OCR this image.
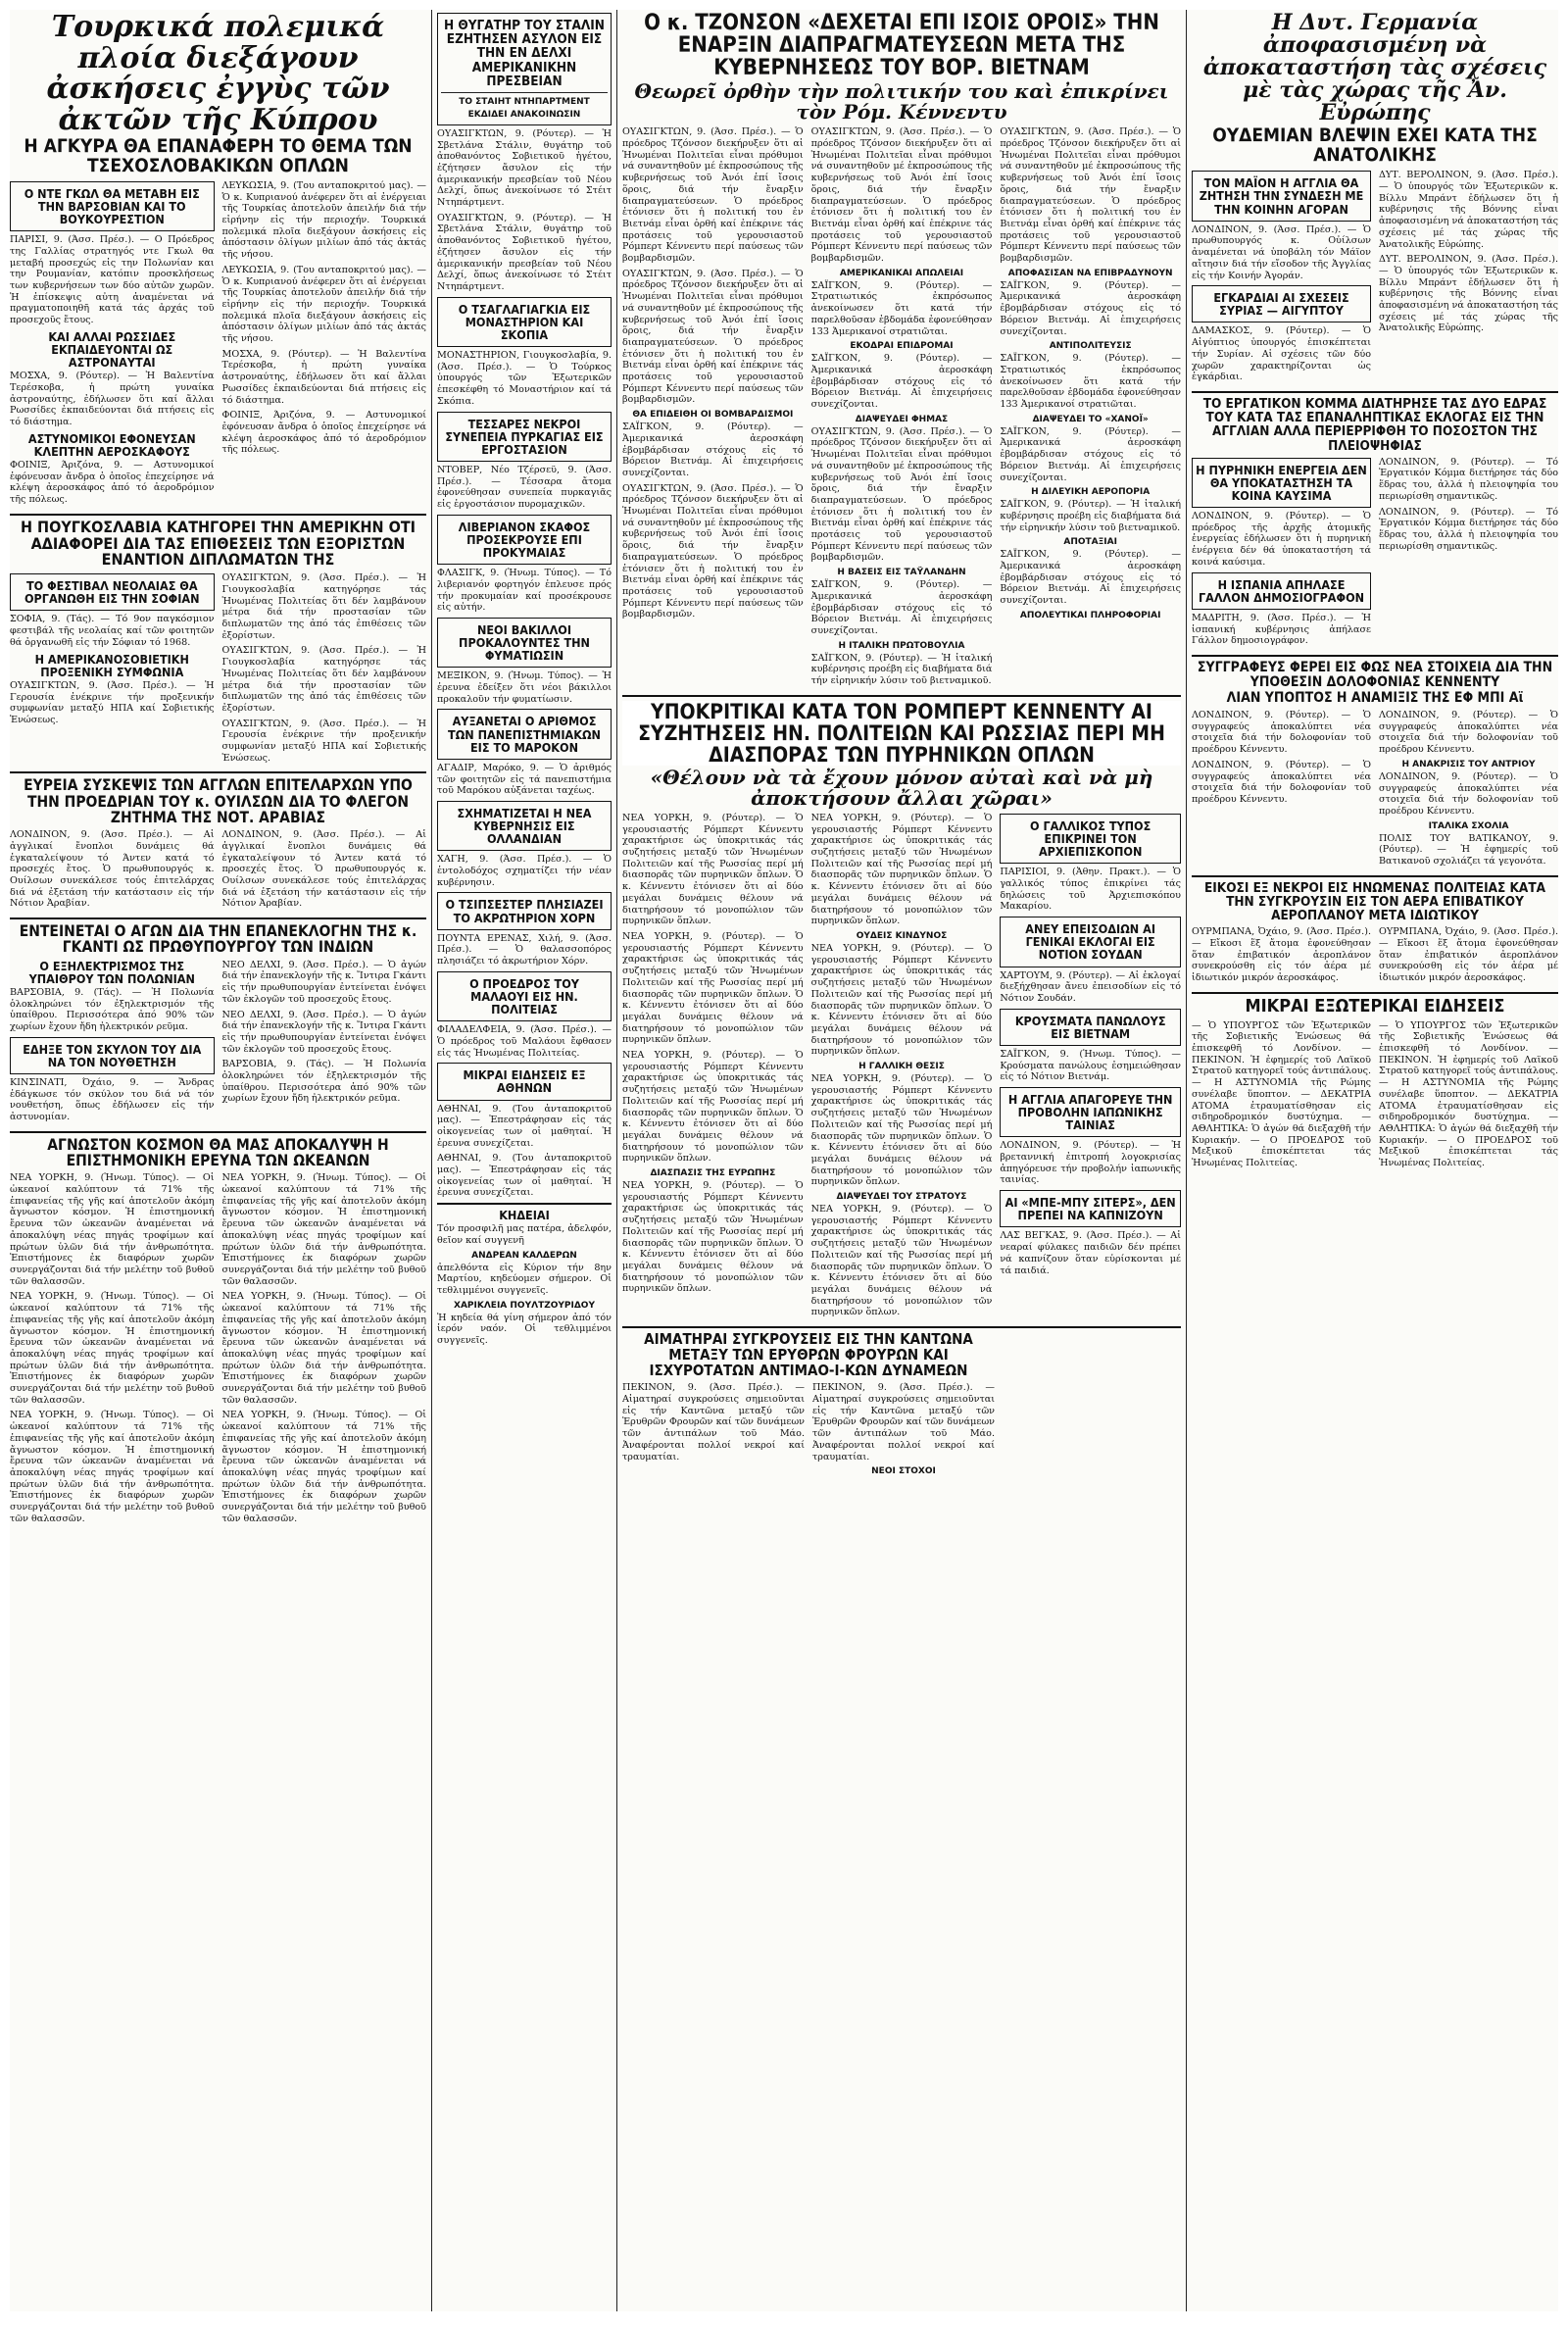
Τουρκικά πολεμικά πλοία διεξάγουν ἀσκήσεις ἐγγὺς τῶν ἀκτῶν τῆς Κύπρου
Η ΑΓΚΥΡΑ ΘΑ ΕΠΑΝΑΦΕΡΗ ΤΟ ΘΕΜΑ ΤΩΝ ΤΣΕΧΟΣΛΟΒΑΚΙΚΩΝ ΟΠΛΩΝ
Ο ΝΤΕ ΓΚΩΛ ΘΑ ΜΕΤΑΒΗ ΕΙΣ ΤΗΝ ΒΑΡΣΟΒΙΑΝ ΚΑΙ ΤΟ ΒΟΥΚΟΥΡΕΣΤΙΟΝ

ΠΑΡΙΣΙ, 9. (Άσσ. Πρέσ.). — Ο Πρόεδρος της Γαλλίας στρατηγός ντε Γκωλ θα μεταβή προσεχώς εἰς την Πολωνίαν και την Ρουμανίαν, κατόπιν προσκλήσεως των κυβερνήσεων των δύο αὐτῶν χωρῶν. Ἡ ἐπίσκεψις αὐτη ἀναμένεται νά πραγματοποιηθῆ κατά τάς ἀρχάς τοῦ προσεχοῦς ἔτους.

ΚΑΙ ΑΛΛΑΙ ΡΩΣΣΙΔΕΣ ΕΚΠΑΙΔΕΥΟΝΤΑΙ ΩΣ ΑΣΤΡΟΝΑΥΤΑΙ

ΜΟΣΧΑ, 9. (Ρόυτερ). — Ἡ Βαλεντίνα Τερέσκοβα, ἡ πρώτη γυναίκα ἀστροναύτης, ἐδήλωσεν ὅτι καί ἄλλαι Ρωσσίδες ἐκπαιδεύονται διά πτήσεις εἰς τό διάστημα.

ΑΣΤΥΝΟΜΙΚΟΙ ΕΦΟΝΕΥΣΑΝ ΚΛΕΠΤΗΝ ΑΕΡΟΣΚΑΦΟΥΣ

ΦΟΙΝΙΞ, Άριζόνα, 9. — Αστυνομικοί ἐφόνευσαν ἄνδρα ὁ ὁποῖος ἐπεχείρησε νά κλέψη ἀεροσκάφος ἀπό τό ἀεροδρόμιον τῆς πόλεως.

ΛΕΥΚΩΣΙΑ, 9. (Του ανταποκριτού μας). — Ὁ κ. Κυπριανού ἀνέφερεν ὅτι αἱ ἐνέργειαι τῆς Τουρκίας ἀποτελοῦν ἀπειλήν διά τήν εἰρήνην εἰς τήν περιοχήν. Τουρκικά πολεμικά πλοῖα διεξάγουν ἀσκήσεις εἰς ἀπόστασιν ὀλίγων μιλίων ἀπό τάς ἀκτάς τῆς νήσου.

ΛΕΥΚΩΣΙΑ, 9. (Του ανταποκριτού μας). — Ὁ κ. Κυπριανού ἀνέφερεν ὅτι αἱ ἐνέργειαι τῆς Τουρκίας ἀποτελοῦν ἀπειλήν διά τήν εἰρήνην εἰς τήν περιοχήν. Τουρκικά πολεμικά πλοῖα διεξάγουν ἀσκήσεις εἰς ἀπόστασιν ὀλίγων μιλίων ἀπό τάς ἀκτάς τῆς νήσου.

ΜΟΣΧΑ, 9. (Ρόυτερ). — Ἡ Βαλεντίνα Τερέσκοβα, ἡ πρώτη γυναίκα ἀστροναύτης, ἐδήλωσεν ὅτι καί ἄλλαι Ρωσσίδες ἐκπαιδεύονται διά πτήσεις εἰς τό διάστημα.

ΦΟΙΝΙΞ, Άριζόνα, 9. — Αστυνομικοί ἐφόνευσαν ἄνδρα ὁ ὁποῖος ἐπεχείρησε νά κλέψη ἀεροσκάφος ἀπό τό ἀεροδρόμιον τῆς πόλεως.

Η ΠΟΥΓΚΟΣΛΑΒΙΑ ΚΑΤΗΓΟΡΕΙ ΤΗΝ ΑΜΕΡΙΚΗΝ ΟΤΙ ΑΔΙΑΦΟΡΕΙ ΔΙΑ ΤΑΣ ΕΠΙΘΕΣΕΙΣ ΤΩΝ ΕΞΟΡΙΣΤΩΝ ΕΝΑΝΤΙΟΝ ΔΙΠΛΩΜΑΤΩΝ ΤΗΣ
ΤΟ ΦΕΣΤΙΒΑΛ ΝΕΟΛΑΙΑΣ ΘΑ ΟΡΓΑΝΩΘΗ ΕΙΣ ΤΗΝ ΣΟΦΙΑΝ

ΣΟΦΙΑ, 9. (Τάς). — Τό 9ον παγκόσμιον φεστιβάλ τῆς νεολαίας καί τῶν φοιτητῶν θά ὀργανωθῆ εἰς τήν Σόφιαν τό 1968.

Η ΑΜΕΡΙΚΑΝΟΣΟΒΙΕΤΙΚΗ ΠΡΟΞΕΝΙΚΗ ΣΥΜΦΩΝΙΑ

ΟΥΑΣΙΓΚΤΩΝ, 9. (Άσσ. Πρέσ.). — Ἡ Γερουσία ἐνέκρινε τήν προξενικήν συμφωνίαν μεταξύ ΗΠΑ καί Σοβιετικής Ἑνώσεως.

ΟΥΑΣΙΓΚΤΩΝ, 9. (Άσσ. Πρέσ.). — Ἡ Γιουγκοσλαβία κατηγόρησε τάς Ἡνωμένας Πολιτείας ὅτι δέν λαμβάνουν μέτρα διά τήν προστασίαν τῶν διπλωματῶν της ἀπό τάς ἐπιθέσεις τῶν ἐξορίστων.

ΟΥΑΣΙΓΚΤΩΝ, 9. (Άσσ. Πρέσ.). — Ἡ Γιουγκοσλαβία κατηγόρησε τάς Ἡνωμένας Πολιτείας ὅτι δέν λαμβάνουν μέτρα διά τήν προστασίαν τῶν διπλωματῶν της ἀπό τάς ἐπιθέσεις τῶν ἐξορίστων.

ΟΥΑΣΙΓΚΤΩΝ, 9. (Άσσ. Πρέσ.). — Ἡ Γερουσία ἐνέκρινε τήν προξενικήν συμφωνίαν μεταξύ ΗΠΑ καί Σοβιετικής Ἑνώσεως.

ΕΥΡΕΙΑ ΣΥΣΚΕΨΙΣ ΤΩΝ ΑΓΓΛΩΝ ΕΠΙΤΕΛΑΡΧΩΝ ΥΠΟ ΤΗΝ ΠΡΟΕΔΡΙΑΝ ΤΟΥ κ. ΟΥΙΛΣΩΝ ΔΙΑ ΤΟ ΦΛΕΓΟΝ ΖΗΤΗΜΑ ΤΗΣ ΝΟΤ. ΑΡΑΒΙΑΣ

ΛΟΝΔΙΝΟΝ, 9. (Άσσ. Πρέσ.). — Αἱ ἀγγλικαί ἔνοπλοι δυνάμεις θά ἐγκαταλείψουν τό Άντεν κατά τό προσεχές ἔτος. Ὁ πρωθυπουργός κ. Ουίλσων συνεκάλεσε τούς ἐπιτελάρχας διά νά ἐξετάση τήν κατάστασιν εἰς τήν Νότιον Ἀραβίαν.

ΛΟΝΔΙΝΟΝ, 9. (Άσσ. Πρέσ.). — Αἱ ἀγγλικαί ἔνοπλοι δυνάμεις θά ἐγκαταλείψουν τό Άντεν κατά τό προσεχές ἔτος. Ὁ πρωθυπουργός κ. Ουίλσων συνεκάλεσε τούς ἐπιτελάρχας διά νά ἐξετάση τήν κατάστασιν εἰς τήν Νότιον Ἀραβίαν.

ΕΝΤΕΙΝΕΤΑΙ Ο ΑΓΩΝ ΔΙΑ ΤΗΝ ΕΠΑΝΕΚΛΟΓΗΝ ΤΗΣ κ. ΓΚΑΝΤΙ ΩΣ ΠΡΩΘΥΠΟΥΡΓΟΥ ΤΩΝ ΙΝΔΙΩΝ
Ο ΕΞΗΛΕΚΤΡΙΣΜΟΣ ΤΗΣ ΥΠΑΙΘΡΟΥ ΤΩΝ ΠΟΛΩΝΙΑΝ

ΒΑΡΣΟΒΙΑ, 9. (Τάς). — Ἡ Πολωνία ὁλοκληρώνει τόν ἐξηλεκτρισμόν τῆς ὑπαίθρου. Περισσότερα ἀπό 90% τῶν χωρίων ἔχουν ἤδη ἠλεκτρικόν ρεῦμα.

ΕΔΗΞΕ ΤΟΝ ΣΚΥΛΟΝ ΤΟΥ ΔΙΑ ΝΑ ΤΟΝ ΝΟΥΘΕΤΗΣΗ

ΚΙΝΣΙΝΑΤΙ, Όχάιο, 9. — Ἄνδρας ἐδάγκωσε τόν σκύλον του διά νά τόν νουθετήση, ὅπως ἐδήλωσεν εἰς τήν ἀστυνομίαν.

ΝΕΟ ΔΕΛΧΙ, 9. (Άσσ. Πρέσ.). — Ὁ ἀγών διά τήν ἐπανεκλογήν τῆς κ. Ἴντιρα Γκάντι εἰς τήν πρωθυπουργίαν ἐντείνεται ἐνόψει τῶν ἐκλογῶν τοῦ προσεχοῦς ἔτους.

ΝΕΟ ΔΕΛΧΙ, 9. (Άσσ. Πρέσ.). — Ὁ ἀγών διά τήν ἐπανεκλογήν τῆς κ. Ἴντιρα Γκάντι εἰς τήν πρωθυπουργίαν ἐντείνεται ἐνόψει τῶν ἐκλογῶν τοῦ προσεχοῦς ἔτους.

ΒΑΡΣΟΒΙΑ, 9. (Τάς). — Ἡ Πολωνία ὁλοκληρώνει τόν ἐξηλεκτρισμόν τῆς ὑπαίθρου. Περισσότερα ἀπό 90% τῶν χωρίων ἔχουν ἤδη ἠλεκτρικόν ρεῦμα.

ΑΓΝΩΣΤΟΝ ΚΟΣΜΟΝ ΘΑ ΜΑΣ ΑΠΟΚΑΛΥΨΗ Η ΕΠΙΣΤΗΜΟΝΙΚΗ ΕΡΕΥΝΑ ΤΩΝ ΩΚΕΑΝΩΝ

ΝΕΑ ΥΟΡΚΗ, 9. (Ἡνωμ. Τύπος). — Οἱ ὠκεανοί καλύπτουν τά 71% τῆς ἐπιφανείας τῆς γῆς καί ἀποτελοῦν ἀκόμη ἄγνωστον κόσμον. Ἡ ἐπιστημονική ἔρευνα τῶν ὠκεανῶν ἀναμένεται νά ἀποκαλύψη νέας πηγάς τροφίμων καί πρώτων ὑλῶν διά τήν ἀνθρωπότητα. Ἐπιστήμονες ἐκ διαφόρων χωρῶν συνεργάζονται διά τήν μελέτην τοῦ βυθοῦ τῶν θαλασσῶν.

ΝΕΑ ΥΟΡΚΗ, 9. (Ἡνωμ. Τύπος). — Οἱ ὠκεανοί καλύπτουν τά 71% τῆς ἐπιφανείας τῆς γῆς καί ἀποτελοῦν ἀκόμη ἄγνωστον κόσμον. Ἡ ἐπιστημονική ἔρευνα τῶν ὠκεανῶν ἀναμένεται νά ἀποκαλύψη νέας πηγάς τροφίμων καί πρώτων ὑλῶν διά τήν ἀνθρωπότητα. Ἐπιστήμονες ἐκ διαφόρων χωρῶν συνεργάζονται διά τήν μελέτην τοῦ βυθοῦ τῶν θαλασσῶν.

ΝΕΑ ΥΟΡΚΗ, 9. (Ἡνωμ. Τύπος). — Οἱ ὠκεανοί καλύπτουν τά 71% τῆς ἐπιφανείας τῆς γῆς καί ἀποτελοῦν ἀκόμη ἄγνωστον κόσμον. Ἡ ἐπιστημονική ἔρευνα τῶν ὠκεανῶν ἀναμένεται νά ἀποκαλύψη νέας πηγάς τροφίμων καί πρώτων ὑλῶν διά τήν ἀνθρωπότητα. Ἐπιστήμονες ἐκ διαφόρων χωρῶν συνεργάζονται διά τήν μελέτην τοῦ βυθοῦ τῶν θαλασσῶν.

ΝΕΑ ΥΟΡΚΗ, 9. (Ἡνωμ. Τύπος). — Οἱ ὠκεανοί καλύπτουν τά 71% τῆς ἐπιφανείας τῆς γῆς καί ἀποτελοῦν ἀκόμη ἄγνωστον κόσμον. Ἡ ἐπιστημονική ἔρευνα τῶν ὠκεανῶν ἀναμένεται νά ἀποκαλύψη νέας πηγάς τροφίμων καί πρώτων ὑλῶν διά τήν ἀνθρωπότητα. Ἐπιστήμονες ἐκ διαφόρων χωρῶν συνεργάζονται διά τήν μελέτην τοῦ βυθοῦ τῶν θαλασσῶν.

ΝΕΑ ΥΟΡΚΗ, 9. (Ἡνωμ. Τύπος). — Οἱ ὠκεανοί καλύπτουν τά 71% τῆς ἐπιφανείας τῆς γῆς καί ἀποτελοῦν ἀκόμη ἄγνωστον κόσμον. Ἡ ἐπιστημονική ἔρευνα τῶν ὠκεανῶν ἀναμένεται νά ἀποκαλύψη νέας πηγάς τροφίμων καί πρώτων ὑλῶν διά τήν ἀνθρωπότητα. Ἐπιστήμονες ἐκ διαφόρων χωρῶν συνεργάζονται διά τήν μελέτην τοῦ βυθοῦ τῶν θαλασσῶν.

ΝΕΑ ΥΟΡΚΗ, 9. (Ἡνωμ. Τύπος). — Οἱ ὠκεανοί καλύπτουν τά 71% τῆς ἐπιφανείας τῆς γῆς καί ἀποτελοῦν ἀκόμη ἄγνωστον κόσμον. Ἡ ἐπιστημονική ἔρευνα τῶν ὠκεανῶν ἀναμένεται νά ἀποκαλύψη νέας πηγάς τροφίμων καί πρώτων ὑλῶν διά τήν ἀνθρωπότητα. Ἐπιστήμονες ἐκ διαφόρων χωρῶν συνεργάζονται διά τήν μελέτην τοῦ βυθοῦ τῶν θαλασσῶν.

Η ΘΥΓΑΤΗΡ ΤΟΥ ΣΤΑΛΙΝ ΕΖΗΤΗΣΕΝ ΑΣΥΛΟΝ ΕΙΣ ΤΗΝ ΕΝ ΔΕΛΧΙ ΑΜΕΡΙΚΑΝΙΚΗΝ ΠΡΕΣΒΕΙΑΝ
ΤΟ ΣΤΑΙΗΤ ΝΤΗΠΑΡΤΜΕΝΤ
ΕΚΔΙΔΕΙ ΑΝΑΚΟΙΝΩΣΙΝ

ΟΥΑΣΙΓΚΤΩΝ, 9. (Ρόυτερ). — Ἡ Σβετλάνα Στάλιν, θυγάτηρ τοῦ ἀποθανόντος Σοβιετικοῦ ἡγέτου, ἐζήτησεν ἄσυλον εἰς τήν ἀμερικανικήν πρεσβείαν τοῦ Νέου Δελχί, ὅπως ἀνεκοίνωσε τό Στέιτ Ντηπάρτμεντ.

ΟΥΑΣΙΓΚΤΩΝ, 9. (Ρόυτερ). — Ἡ Σβετλάνα Στάλιν, θυγάτηρ τοῦ ἀποθανόντος Σοβιετικοῦ ἡγέτου, ἐζήτησεν ἄσυλον εἰς τήν ἀμερικανικήν πρεσβείαν τοῦ Νέου Δελχί, ὅπως ἀνεκοίνωσε τό Στέιτ Ντηπάρτμεντ.

Ο ΤΣΑΓΛΑΓΙΑΓΚΙΑ ΕΙΣ ΜΟΝΑΣΤΗΡΙΟΝ ΚΑΙ ΣΚΟΠΙΑ

ΜΟΝΑΣΤΗΡΙΟΝ, Γιουγκοσλαβία, 9. (Άσσ. Πρέσ.). — Ὁ Τούρκος ὑπουργός τῶν Ἐξωτερικῶν ἐπεσκέφθη τό Μοναστήριον καί τά Σκόπια.

ΤΕΣΣΑΡΕΣ ΝΕΚΡΟΙ ΣΥΝΕΠΕΙΑ ΠΥΡΚΑΓΙΑΣ ΕΙΣ ΕΡΓΟΣΤΑΣΙΟΝ

ΝΤΟΒΕΡ, Νέο Τζέρσεϋ, 9. (Άσσ. Πρέσ.). — Τέσσαρα ἄτομα ἐφονεύθησαν συνεπεία πυρκαγιᾶς εἰς ἐργοστάσιον πυρομαχικῶν.

ΛΙΒΕΡΙΑΝΟΝ ΣΚΑΦΟΣ ΠΡΟΣΕΚΡΟΥΣΕ ΕΠΙ ΠΡΟΚΥΜΑΙΑΣ

ΦΛΑΣΙΓΚ, 9. (Ἡνωμ. Τύπος). — Τό λιβεριανόν φορτηγόν ἐπλευσε πρός τήν προκυμαίαν καί προσέκρουσε εἰς αὐτήν.

ΝΕΟΙ ΒΑΚΙΛΛΟΙ ΠΡΟΚΑΛΟΥΝΤΕΣ ΤΗΝ ΦΥΜΑΤΙΩΣΙΝ

ΜΕΞΙΚΟΝ, 9. (Ἡνωμ. Τύπος). — Ἡ ἐρευνα ἐδείξεν ὅτι νέοι βάκιλλοι προκαλοῦν τήν φυματίωσιν.

ΑΥΞΑΝΕΤΑΙ Ο ΑΡΙΘΜΟΣ ΤΩΝ ΠΑΝΕΠΙΣΤΗΜΙΑΚΩΝ ΕΙΣ ΤΟ ΜΑΡΟΚΟΝ

ΑΓΑΔΙΡ, Μαρόκο, 9. — Ὁ ἀριθμός τῶν φοιτητῶν εἰς τά πανεπιστήμια τοῦ Μαρόκου αὐξάνεται ταχέως.

ΣΧΗΜΑΤΙΖΕΤΑΙ Η ΝΕΑ ΚΥΒΕΡΝΗΣΙΣ ΕΙΣ ΟΛΛΑΝΔΙΑΝ

ΧΑΓΗ, 9. (Άσσ. Πρέσ.). — Ὁ ἐντολοδόχος σχηματίζει τήν νέαν κυβέρνησιν.

Ο ΤΣΙΠΣΕΣΤΕΡ ΠΛΗΣΙΑΖΕΙ ΤΟ ΑΚΡΩΤΗΡΙΟΝ ΧΟΡΝ

ΠΟΥΝΤΑ ΕΡΕΝΑΣ, Χιλή, 9. (Άσσ. Πρέσ.). — Ὁ θαλασσοπόρος πλησιάζει τό ἀκρωτήριον Χόρν.

Ο ΠΡΟΕΔΡΟΣ ΤΟΥ ΜΑΛΑΟΥΙ ΕΙΣ ΗΝ. ΠΟΛΙΤΕΙΑΣ

ΦΙΛΑΔΕΛΦΕΙΑ, 9. (Άσσ. Πρέσ.). — Ὁ πρόεδρος τοῦ Μαλάουι ἔφθασεν εἰς τάς Ἡνωμένας Πολιτείας.

ΜΙΚΡΑΙ ΕΙΔΗΣΕΙΣ ΕΞ ΑΘΗΝΩΝ

ΑΘΗΝΑΙ, 9. (Του ἀνταποκριτοῦ μας). — Ἐπεστράφησαν εἰς τάς οἰκογενείας των οἱ μαθηταί. Ἡ ἐρευνα συνεχίζεται.

ΑΘΗΝΑΙ, 9. (Του ἀνταποκριτοῦ μας). — Ἐπεστράφησαν εἰς τάς οἰκογενείας των οἱ μαθηταί. Ἡ ἐρευνα συνεχίζεται.

ΚΗΔΕΙΑΙ

Τόν προσφιλῆ μας πατέρα, ἀδελφόν, θεῖον καί συγγενῆ

ΑΝΔΡΕΑΝ ΚΑΛΔΕΡΩΝ

ἀπελθόντα εἰς Κύριον τήν 8ην Μαρτίου, κηδεύομεν σήμερον. Οἱ τεθλιμμένοι συγγενεῖς.

ΧΑΡΙΚΛΕΙΑ ΠΟΥΛΤΖΟΥΡΙΔΟΥ

Ἡ κηδεία θά γίνη σήμερον ἀπό τόν ἱερόν ναόν. Οἱ τεθλιμμένοι συγγενεῖς.

Ο κ. ΤΖΟΝΣΟΝ «ΔΕΧΕΤΑΙ ΕΠΙ ΙΣΟΙΣ ΟΡΟΙΣ» ΤΗΝ ΕΝΑΡΞΙΝ ΔΙΑΠΡΑΓΜΑΤΕΥΣΕΩΝ ΜΕΤΑ ΤΗΣ ΚΥΒΕΡΝΗΣΕΩΣ ΤΟΥ ΒΟΡ. ΒΙΕΤΝΑΜ
Θεωρεῖ ὀρθὴν τὴν πολιτικήν του καὶ ἐπικρίνει τὸν Ρόμ. Κέννεντυ

ΟΥΑΣΙΓΚΤΩΝ, 9. (Άσσ. Πρέσ.). — Ὁ πρόεδρος Τζόνσον διεκήρυξεν ὅτι αἱ Ἡνωμέναι Πολιτεῖαι εἶναι πρόθυμοι νά συναντηθοῦν μέ ἐκπροσώπους τῆς κυβερνήσεως τοῦ Ἀνόι ἐπί ἴσοις ὅροις, διά τήν ἔναρξιν διαπραγματεύσεων. Ὁ πρόεδρος ἐτόνισεν ὅτι ἡ πολιτική του ἐν Βιετνάμ εἶναι ὀρθή καί ἐπέκρινε τάς προτάσεις τοῦ γερουσιαστοῦ Ρόμπερτ Κέννεντυ περί παύσεως τῶν βομβαρδισμῶν.

ΟΥΑΣΙΓΚΤΩΝ, 9. (Άσσ. Πρέσ.). — Ὁ πρόεδρος Τζόνσον διεκήρυξεν ὅτι αἱ Ἡνωμέναι Πολιτεῖαι εἶναι πρόθυμοι νά συναντηθοῦν μέ ἐκπροσώπους τῆς κυβερνήσεως τοῦ Ἀνόι ἐπί ἴσοις ὅροις, διά τήν ἔναρξιν διαπραγματεύσεων. Ὁ πρόεδρος ἐτόνισεν ὅτι ἡ πολιτική του ἐν Βιετνάμ εἶναι ὀρθή καί ἐπέκρινε τάς προτάσεις τοῦ γερουσιαστοῦ Ρόμπερτ Κέννεντυ περί παύσεως τῶν βομβαρδισμῶν.

ΘΑ ΕΠΙΔΕΙΘΗ ΟΙ ΒΟΜΒΑΡΔΙΣΜΟΙ

ΣΑΪΓΚΟΝ, 9. (Ρόυτερ). — Ἀμερικανικά ἀεροσκάφη ἐβομβάρδισαν στόχους εἰς τό Βόρειον Βιετνάμ. Αἱ ἐπιχειρήσεις συνεχίζονται.

ΟΥΑΣΙΓΚΤΩΝ, 9. (Άσσ. Πρέσ.). — Ὁ πρόεδρος Τζόνσον διεκήρυξεν ὅτι αἱ Ἡνωμέναι Πολιτεῖαι εἶναι πρόθυμοι νά συναντηθοῦν μέ ἐκπροσώπους τῆς κυβερνήσεως τοῦ Ἀνόι ἐπί ἴσοις ὅροις, διά τήν ἔναρξιν διαπραγματεύσεων. Ὁ πρόεδρος ἐτόνισεν ὅτι ἡ πολιτική του ἐν Βιετνάμ εἶναι ὀρθή καί ἐπέκρινε τάς προτάσεις τοῦ γερουσιαστοῦ Ρόμπερτ Κέννεντυ περί παύσεως τῶν βομβαρδισμῶν.

ΟΥΑΣΙΓΚΤΩΝ, 9. (Άσσ. Πρέσ.). — Ὁ πρόεδρος Τζόνσον διεκήρυξεν ὅτι αἱ Ἡνωμέναι Πολιτεῖαι εἶναι πρόθυμοι νά συναντηθοῦν μέ ἐκπροσώπους τῆς κυβερνήσεως τοῦ Ἀνόι ἐπί ἴσοις ὅροις, διά τήν ἔναρξιν διαπραγματεύσεων. Ὁ πρόεδρος ἐτόνισεν ὅτι ἡ πολιτική του ἐν Βιετνάμ εἶναι ὀρθή καί ἐπέκρινε τάς προτάσεις τοῦ γερουσιαστοῦ Ρόμπερτ Κέννεντυ περί παύσεως τῶν βομβαρδισμῶν.

ΑΜΕΡΙΚΑΝΙΚΑΙ ΑΠΩΛΕΙΑΙ

ΣΑΪΓΚΟΝ, 9. (Ρόυτερ). — Στρατιωτικός ἐκπρόσωπος ἀνεκοίνωσεν ὅτι κατά τήν παρελθοῦσαν ἑβδομάδα ἐφονεύθησαν 133 Ἀμερικανοί στρατιῶται.

ΕΚΟΔΡΑΙ ΕΠΙΔΡΟΜΑΙ

ΣΑΪΓΚΟΝ, 9. (Ρόυτερ). — Ἀμερικανικά ἀεροσκάφη ἐβομβάρδισαν στόχους εἰς τό Βόρειον Βιετνάμ. Αἱ ἐπιχειρήσεις συνεχίζονται.

ΔΙΑΨΕΥΔΕΙ ΦΗΜΑΣ

ΟΥΑΣΙΓΚΤΩΝ, 9. (Άσσ. Πρέσ.). — Ὁ πρόεδρος Τζόνσον διεκήρυξεν ὅτι αἱ Ἡνωμέναι Πολιτεῖαι εἶναι πρόθυμοι νά συναντηθοῦν μέ ἐκπροσώπους τῆς κυβερνήσεως τοῦ Ἀνόι ἐπί ἴσοις ὅροις, διά τήν ἔναρξιν διαπραγματεύσεων. Ὁ πρόεδρος ἐτόνισεν ὅτι ἡ πολιτική του ἐν Βιετνάμ εἶναι ὀρθή καί ἐπέκρινε τάς προτάσεις τοῦ γερουσιαστοῦ Ρόμπερτ Κέννεντυ περί παύσεως τῶν βομβαρδισμῶν.

Η ΒΑΣΕΙΣ ΕΙΣ ΤΑΫΛΑΝΔΗΝ

ΣΑΪΓΚΟΝ, 9. (Ρόυτερ). — Ἀμερικανικά ἀεροσκάφη ἐβομβάρδισαν στόχους εἰς τό Βόρειον Βιετνάμ. Αἱ ἐπιχειρήσεις συνεχίζονται.

Η ΙΤΑΛΙΚΗ ΠΡΩΤΟΒΟΥΛΙΑ

ΣΑΪΓΚΟΝ, 9. (Ρόυτερ). — Ἡ ἰταλική κυβέρνησις προέβη εἰς διαβήματα διά τήν εἰρηνικήν λύσιν τοῦ βιετναμικοῦ.

ΟΥΑΣΙΓΚΤΩΝ, 9. (Άσσ. Πρέσ.). — Ὁ πρόεδρος Τζόνσον διεκήρυξεν ὅτι αἱ Ἡνωμέναι Πολιτεῖαι εἶναι πρόθυμοι νά συναντηθοῦν μέ ἐκπροσώπους τῆς κυβερνήσεως τοῦ Ἀνόι ἐπί ἴσοις ὅροις, διά τήν ἔναρξιν διαπραγματεύσεων. Ὁ πρόεδρος ἐτόνισεν ὅτι ἡ πολιτική του ἐν Βιετνάμ εἶναι ὀρθή καί ἐπέκρινε τάς προτάσεις τοῦ γερουσιαστοῦ Ρόμπερτ Κέννεντυ περί παύσεως τῶν βομβαρδισμῶν.

ΑΠΟΦΑΣΙΣΑΝ ΝΑ ΕΠΙΒΡΑΔΥΝΟΥΝ

ΣΑΪΓΚΟΝ, 9. (Ρόυτερ). — Ἀμερικανικά ἀεροσκάφη ἐβομβάρδισαν στόχους εἰς τό Βόρειον Βιετνάμ. Αἱ ἐπιχειρήσεις συνεχίζονται.

ΑΝΤΙΠΟΛΙΤΕΥΣΙΣ

ΣΑΪΓΚΟΝ, 9. (Ρόυτερ). — Στρατιωτικός ἐκπρόσωπος ἀνεκοίνωσεν ὅτι κατά τήν παρελθοῦσαν ἑβδομάδα ἐφονεύθησαν 133 Ἀμερικανοί στρατιῶται.

ΔΙΑΨΕΥΔΕΙ ΤΟ «ΧΑΝΟΪ»

ΣΑΪΓΚΟΝ, 9. (Ρόυτερ). — Ἀμερικανικά ἀεροσκάφη ἐβομβάρδισαν στόχους εἰς τό Βόρειον Βιετνάμ. Αἱ ἐπιχειρήσεις συνεχίζονται.

Η ΔΙΛΕΥΙΚΗ ΑΕΡΟΠΟΡΙΑ

ΣΑΪΓΚΟΝ, 9. (Ρόυτερ). — Ἡ ἰταλική κυβέρνησις προέβη εἰς διαβήματα διά τήν εἰρηνικήν λύσιν τοῦ βιετναμικοῦ.

ΑΠΟΤΑΞΙΑΙ

ΣΑΪΓΚΟΝ, 9. (Ρόυτερ). — Ἀμερικανικά ἀεροσκάφη ἐβομβάρδισαν στόχους εἰς τό Βόρειον Βιετνάμ. Αἱ ἐπιχειρήσεις συνεχίζονται.

ΑΠΟΛΕΥΤΙΚΑΙ ΠΛΗΡΟΦΟΡΙΑΙ
ΥΠΟΚΡΙΤΙΚΑΙ ΚΑΤΑ ΤΟΝ ΡΟΜΠΕΡΤ ΚΕΝΝΕΝΤΥ ΑΙ ΣΥΖΗΤΗΣΕΙΣ ΗΝ. ΠΟΛΙΤΕΙΩΝ ΚΑΙ ΡΩΣΣΙΑΣ ΠΕΡΙ ΜΗ ΔΙΑΣΠΟΡΑΣ ΤΩΝ ΠΥΡΗΝΙΚΩΝ ΟΠΛΩΝ
«Θέλουν νὰ τὰ ἔχουν μόνον αὐταὶ καὶ νὰ μὴ ἀποκτήσουν ἄλλαι χῶραι»

ΝΕΑ ΥΟΡΚΗ, 9. (Ρόυτερ). — Ὁ γερουσιαστής Ρόμπερτ Κέννεντυ χαρακτήρισε ὡς ὑποκριτικάς τάς συζητήσεις μεταξύ τῶν Ἡνωμένων Πολιτειῶν καί τῆς Ρωσσίας περί μή διασπορᾶς τῶν πυρηνικῶν ὅπλων. Ὁ κ. Κέννεντυ ἐτόνισεν ὅτι αἱ δύο μεγάλαι δυνάμεις θέλουν νά διατηρήσουν τό μονοπώλιον τῶν πυρηνικῶν ὅπλων.

ΝΕΑ ΥΟΡΚΗ, 9. (Ρόυτερ). — Ὁ γερουσιαστής Ρόμπερτ Κέννεντυ χαρακτήρισε ὡς ὑποκριτικάς τάς συζητήσεις μεταξύ τῶν Ἡνωμένων Πολιτειῶν καί τῆς Ρωσσίας περί μή διασπορᾶς τῶν πυρηνικῶν ὅπλων. Ὁ κ. Κέννεντυ ἐτόνισεν ὅτι αἱ δύο μεγάλαι δυνάμεις θέλουν νά διατηρήσουν τό μονοπώλιον τῶν πυρηνικῶν ὅπλων.

ΝΕΑ ΥΟΡΚΗ, 9. (Ρόυτερ). — Ὁ γερουσιαστής Ρόμπερτ Κέννεντυ χαρακτήρισε ὡς ὑποκριτικάς τάς συζητήσεις μεταξύ τῶν Ἡνωμένων Πολιτειῶν καί τῆς Ρωσσίας περί μή διασπορᾶς τῶν πυρηνικῶν ὅπλων. Ὁ κ. Κέννεντυ ἐτόνισεν ὅτι αἱ δύο μεγάλαι δυνάμεις θέλουν νά διατηρήσουν τό μονοπώλιον τῶν πυρηνικῶν ὅπλων.

ΔΙΑΣΠΑΣΙΣ ΤΗΣ ΕΥΡΩΠΗΣ

ΝΕΑ ΥΟΡΚΗ, 9. (Ρόυτερ). — Ὁ γερουσιαστής Ρόμπερτ Κέννεντυ χαρακτήρισε ὡς ὑποκριτικάς τάς συζητήσεις μεταξύ τῶν Ἡνωμένων Πολιτειῶν καί τῆς Ρωσσίας περί μή διασπορᾶς τῶν πυρηνικῶν ὅπλων. Ὁ κ. Κέννεντυ ἐτόνισεν ὅτι αἱ δύο μεγάλαι δυνάμεις θέλουν νά διατηρήσουν τό μονοπώλιον τῶν πυρηνικῶν ὅπλων.

ΝΕΑ ΥΟΡΚΗ, 9. (Ρόυτερ). — Ὁ γερουσιαστής Ρόμπερτ Κέννεντυ χαρακτήρισε ὡς ὑποκριτικάς τάς συζητήσεις μεταξύ τῶν Ἡνωμένων Πολιτειῶν καί τῆς Ρωσσίας περί μή διασπορᾶς τῶν πυρηνικῶν ὅπλων. Ὁ κ. Κέννεντυ ἐτόνισεν ὅτι αἱ δύο μεγάλαι δυνάμεις θέλουν νά διατηρήσουν τό μονοπώλιον τῶν πυρηνικῶν ὅπλων.

ΟΥΔΕΙΣ ΚΙΝΔΥΝΟΣ

ΝΕΑ ΥΟΡΚΗ, 9. (Ρόυτερ). — Ὁ γερουσιαστής Ρόμπερτ Κέννεντυ χαρακτήρισε ὡς ὑποκριτικάς τάς συζητήσεις μεταξύ τῶν Ἡνωμένων Πολιτειῶν καί τῆς Ρωσσίας περί μή διασπορᾶς τῶν πυρηνικῶν ὅπλων. Ὁ κ. Κέννεντυ ἐτόνισεν ὅτι αἱ δύο μεγάλαι δυνάμεις θέλουν νά διατηρήσουν τό μονοπώλιον τῶν πυρηνικῶν ὅπλων.

Η ΓΑΛΛΙΚΗ ΘΕΣΙΣ

ΝΕΑ ΥΟΡΚΗ, 9. (Ρόυτερ). — Ὁ γερουσιαστής Ρόμπερτ Κέννεντυ χαρακτήρισε ὡς ὑποκριτικάς τάς συζητήσεις μεταξύ τῶν Ἡνωμένων Πολιτειῶν καί τῆς Ρωσσίας περί μή διασπορᾶς τῶν πυρηνικῶν ὅπλων. Ὁ κ. Κέννεντυ ἐτόνισεν ὅτι αἱ δύο μεγάλαι δυνάμεις θέλουν νά διατηρήσουν τό μονοπώλιον τῶν πυρηνικῶν ὅπλων.

ΔΙΑΨΕΥΔΕΙ ΤΟΥ ΣΤΡΑΤΟΥΣ

ΝΕΑ ΥΟΡΚΗ, 9. (Ρόυτερ). — Ὁ γερουσιαστής Ρόμπερτ Κέννεντυ χαρακτήρισε ὡς ὑποκριτικάς τάς συζητήσεις μεταξύ τῶν Ἡνωμένων Πολιτειῶν καί τῆς Ρωσσίας περί μή διασπορᾶς τῶν πυρηνικῶν ὅπλων. Ὁ κ. Κέννεντυ ἐτόνισεν ὅτι αἱ δύο μεγάλαι δυνάμεις θέλουν νά διατηρήσουν τό μονοπώλιον τῶν πυρηνικῶν ὅπλων.

Ο ΓΑΛΛΙΚΟΣ ΤΥΠΟΣ ΕΠΙΚΡΙΝΕΙ ΤΟΝ ΑΡΧΙΕΠΙΣΚΟΠΟΝ

ΠΑΡΙΣΙΟΙ, 9. (Ἀθην. Πρακτ.). — Ὁ γαλλικός τύπος ἐπικρίνει τάς δηλώσεις τοῦ Ἀρχιεπισκόπου Μακαρίου.

ΑΝΕΥ ΕΠΕΙΣΟΔΙΩΝ ΑΙ ΓΕΝΙΚΑΙ ΕΚΛΟΓΑΙ ΕΙΣ ΝΟΤΙΟΝ ΣΟΥΔΑΝ

ΧΑΡΤΟΥΜ, 9. (Ρόυτερ). — Αἱ ἐκλογαί διεξήχθησαν ἄνευ ἐπεισοδίων εἰς τό Νότιον Σουδάν.

ΚΡΟΥΣΜΑΤΑ ΠΑΝΩΛΟΥΣ ΕΙΣ ΒΙΕΤΝΑΜ

ΣΑΪΓΚΟΝ, 9. (Ἡνωμ. Τύπος). — Κρούσματα πανώλους ἐσημειώθησαν εἰς τό Νότιον Βιετνάμ.

Η ΑΓΓΛΙΑ ΑΠΑΓΟΡΕΥΕ ΤΗΝ ΠΡΟΒΟΛΗΝ ΙΑΠΩΝΙΚΗΣ ΤΑΙΝΙΑΣ

ΛΟΝΔΙΝΟΝ, 9. (Ρόυτερ). — Ἡ βρεταννική ἐπιτροπή λογοκρισίας ἀπηγόρευσε τήν προβολήν ἰαπωνικῆς ταινίας.

ΑΙ «ΜΠΕ-ΜΠΥ ΣΙΤΕΡΣ», ΔΕΝ ΠΡΕΠΕΙ ΝΑ ΚΑΠΝΙΖΟΥΝ

ΛΑΣ ΒΕΓΚΑΣ, 9. (Άσσ. Πρέσ.). — Αἱ νεαραί φύλακες παιδιῶν δέν πρέπει νά καπνίζουν ὅταν εὑρίσκονται μέ τά παιδιά.

ΑΙΜΑΤΗΡΑΙ ΣΥΓΚΡΟΥΣΕΙΣ ΕΙΣ ΤΗΝ ΚΑΝΤΩΝΑ ΜΕΤΑΞΥ ΤΩΝ ΕΡΥΘΡΩΝ ΦΡΟΥΡΩΝ ΚΑΙ ΙΣΧΥΡΟΤΑΤΩΝ ΑΝΤΙΜΑΟ-Ι-ΚΩΝ ΔΥΝΑΜΕΩΝ

ΠΕΚΙΝΟΝ, 9. (Άσσ. Πρέσ.). — Αἱματηραί συγκρούσεις σημειοῦνται εἰς τήν Καντῶνα μεταξύ τῶν Ἐρυθρῶν Φρουρῶν καί τῶν δυνάμεων τῶν ἀντιπάλων τοῦ Μάο. Ἀναφέρονται πολλοί νεκροί καί τραυματίαι.

ΠΕΚΙΝΟΝ, 9. (Άσσ. Πρέσ.). — Αἱματηραί συγκρούσεις σημειοῦνται εἰς τήν Καντῶνα μεταξύ τῶν Ἐρυθρῶν Φρουρῶν καί τῶν δυνάμεων τῶν ἀντιπάλων τοῦ Μάο. Ἀναφέρονται πολλοί νεκροί καί τραυματίαι.

ΝΕΟΙ ΣΤΟΧΟΙ
Η Δυτ. Γερμανία ἀποφασισμένη νὰ ἀποκαταστήση τὰς σχέσεις μὲ τὰς χώρας τῆς Ἀν. Εὐρώπης
ΟΥΔΕΜΙΑΝ ΒΛΕΨΙΝ ΕΧΕΙ ΚΑΤΑ ΤΗΣ ΑΝΑΤΟΛΙΚΗΣ
ΤΟΝ ΜΑΪΟΝ Η ΑΓΓΛΙΑ ΘΑ ΖΗΤΗΣΗ ΤΗΝ ΣΥΝΔΕΣΗ ΜΕ ΤΗΝ ΚΟΙΝΗΝ ΑΓΟΡΑΝ

ΛΟΝΔΙΝΟΝ, 9. (Άσσ. Πρέσ.). — Ὁ πρωθυπουργός κ. Οὐίλσων ἀναμένεται νά ὑποβάλη τόν Μάϊον αἴτησιν διά τήν εἴσοδον τῆς Ἀγγλίας εἰς τήν Κοινήν Ἀγοράν.

ΕΓΚΑΡΔΙΑΙ ΑΙ ΣΧΕΣΕΙΣ ΣΥΡΙΑΣ — ΑΙΓΥΠΤΟΥ

ΔΑΜΑΣΚΟΣ, 9. (Ρόυτερ). — Ὁ Αἰγύπτιος ὑπουργός ἐπισκέπτεται τήν Συρίαν. Αἱ σχέσεις τῶν δύο χωρῶν χαρακτηρίζονται ὡς ἐγκάρδιαι.

ΔΥΤ. ΒΕΡΟΛΙΝΟΝ, 9. (Άσσ. Πρέσ.). — Ὁ ὑπουργός τῶν Ἐξωτερικῶν κ. Βίλλυ Μπράντ ἐδήλωσεν ὅτι ἡ κυβέρνησις τῆς Βόννης εἶναι ἀποφασισμένη νά ἀποκαταστήση τάς σχέσεις μέ τάς χώρας τῆς Ἀνατολικῆς Εὐρώπης.

ΔΥΤ. ΒΕΡΟΛΙΝΟΝ, 9. (Άσσ. Πρέσ.). — Ὁ ὑπουργός τῶν Ἐξωτερικῶν κ. Βίλλυ Μπράντ ἐδήλωσεν ὅτι ἡ κυβέρνησις τῆς Βόννης εἶναι ἀποφασισμένη νά ἀποκαταστήση τάς σχέσεις μέ τάς χώρας τῆς Ἀνατολικῆς Εὐρώπης.

ΤΟ ΕΡΓΑΤΙΚΟΝ ΚΟΜΜΑ ΔΙΑΤΗΡΗΣΕ ΤΑΣ ΔΥΟ ΕΔΡΑΣ ΤΟΥ ΚΑΤΑ ΤΑΣ ΕΠΑΝΑΛΗΠΤΙΚΑΣ ΕΚΛΟΓΑΣ ΕΙΣ ΤΗΝ ΑΓΓΛΙΑΝ ΑΛΛΑ ΠΕΡΙΕΡΡΙΦΘΗ ΤΟ ΠΟΣΟΣΤΟΝ ΤΗΣ ΠΛΕΙΟΨΗΦΙΑΣ
Η ΠΥΡΗΝΙΚΗ ΕΝΕΡΓΕΙΑ ΔΕΝ ΘΑ ΥΠΟΚΑΤΑΣΤΗΣΗ ΤΑ ΚΟΙΝΑ ΚΑΥΣΙΜΑ

ΛΟΝΔΙΝΟΝ, 9. (Ρόυτερ). — Ὁ πρόεδρος τῆς ἀρχῆς ἀτομικῆς ἐνεργείας ἐδήλωσεν ὅτι ἡ πυρηνική ἐνέργεια δέν θά ὑποκαταστήση τά κοινά καύσιμα.

Η ΙΣΠΑΝΙΑ ΑΠΗΛΑΣΕ ΓΑΛΛΟΝ ΔΗΜΟΣΙΟΓΡΑΦΟΝ

ΜΑΔΡΙΤΗ, 9. (Άσσ. Πρέσ.). — Ἡ ἱσπανική κυβέρνησις ἀπήλασε Γάλλον δημοσιογράφον.

ΛΟΝΔΙΝΟΝ, 9. (Ρόυτερ). — Τό Ἐργατικόν Κόμμα διετήρησε τάς δύο ἕδρας του, ἀλλά ἡ πλειοψηφία του περιωρίσθη σημαντικῶς.

ΛΟΝΔΙΝΟΝ, 9. (Ρόυτερ). — Τό Ἐργατικόν Κόμμα διετήρησε τάς δύο ἕδρας του, ἀλλά ἡ πλειοψηφία του περιωρίσθη σημαντικῶς.

ΣΥΓΓΡΑΦΕΥΣ ΦΕΡΕΙ ΕΙΣ ΦΩΣ ΝΕΑ ΣΤΟΙΧΕΙΑ ΔΙΑ ΤΗΝ ΥΠΟΘΕΣΙΝ ΔΟΛΟΦΟΝΙΑΣ ΚΕΝΝΕΝΤΥ
ΛΙΑΝ ΥΠΟΠΤΟΣ Η ΑΝΑΜΙΞΙΣ ΤΗΣ ΕΦ ΜΠΙ Αϊ

ΛΟΝΔΙΝΟΝ, 9. (Ρόυτερ). — Ὁ συγγραφεύς ἀποκαλύπτει νέα στοιχεῖα διά τήν δολοφονίαν τοῦ προέδρου Κέννεντυ.

ΛΟΝΔΙΝΟΝ, 9. (Ρόυτερ). — Ὁ συγγραφεύς ἀποκαλύπτει νέα στοιχεῖα διά τήν δολοφονίαν τοῦ προέδρου Κέννεντυ.

ΛΟΝΔΙΝΟΝ, 9. (Ρόυτερ). — Ὁ συγγραφεύς ἀποκαλύπτει νέα στοιχεῖα διά τήν δολοφονίαν τοῦ προέδρου Κέννεντυ.

Η ΑΝΑΚΡΙΣΙΣ ΤΟΥ ΑΝΤΡΙΟΥ

ΛΟΝΔΙΝΟΝ, 9. (Ρόυτερ). — Ὁ συγγραφεύς ἀποκαλύπτει νέα στοιχεῖα διά τήν δολοφονίαν τοῦ προέδρου Κέννεντυ.

ΙΤΑΛΙΚΑ ΣΧΟΛΙΑ

ΠΟΛΙΣ ΤΟΥ ΒΑΤΙΚΑΝΟΥ, 9. (Ρόυτερ). — Ἡ ἐφημερίς τοῦ Βατικανοῦ σχολιάζει τά γεγονότα.

ΕΙΚΟΣΙ ΕΞ ΝΕΚΡΟΙ ΕΙΣ ΗΝΩΜΕΝΑΣ ΠΟΛΙΤΕΙΑΣ ΚΑΤΑ ΤΗΝ ΣΥΓΚΡΟΥΣΙΝ ΕΙΣ ΤΟΝ ΑΕΡΑ ΕΠΙΒΑΤΙΚΟΥ ΑΕΡΟΠΛΑΝΟΥ ΜΕΤΑ ΙΔΙΩΤΙΚΟΥ

ΟΥΡΜΠΑΝΑ, Ὀχάιο, 9. (Άσσ. Πρέσ.). — Εἴκοσι ἕξ ἄτομα ἐφονεύθησαν ὅταν ἐπιβατικόν ἀεροπλάνον συνεκρούσθη εἰς τόν ἀέρα μέ ἰδιωτικόν μικρόν ἀεροσκάφος.

ΟΥΡΜΠΑΝΑ, Ὀχάιο, 9. (Άσσ. Πρέσ.). — Εἴκοσι ἕξ ἄτομα ἐφονεύθησαν ὅταν ἐπιβατικόν ἀεροπλάνον συνεκρούσθη εἰς τόν ἀέρα μέ ἰδιωτικόν μικρόν ἀεροσκάφος.

ΜΙΚΡΑΙ ΕΞΩΤΕΡΙΚΑΙ ΕΙΔΗΣΕΙΣ

— Ὁ ΥΠΟΥΡΓΟΣ τῶν Ἐξωτερικῶν τῆς Σοβιετικῆς Ἑνώσεως θά ἐπισκεφθῆ τό Λονδίνον. — ΠΕΚΙΝΟΝ. Ἡ ἐφημερίς τοῦ Λαϊκοῦ Στρατοῦ κατηγορεῖ τούς ἀντιπάλους. — Η ΑΣΤΥΝΟΜΙΑ τῆς Ρώμης συνέλαβε ὕποπτον. — ΔΕΚΑΤΡΙΑ ΑΤΟΜΑ ἐτραυματίσθησαν εἰς σιδηροδρομικόν δυστύχημα. — ΑΘΛΗΤΙΚΑ: Ὁ ἀγών θά διεξαχθῆ τήν Κυριακήν. — Ο ΠΡΟΕΔΡΟΣ τοῦ Μεξικοῦ ἐπισκέπτεται τάς Ἡνωμένας Πολιτείας.

— Ὁ ΥΠΟΥΡΓΟΣ τῶν Ἐξωτερικῶν τῆς Σοβιετικῆς Ἑνώσεως θά ἐπισκεφθῆ τό Λονδίνον. — ΠΕΚΙΝΟΝ. Ἡ ἐφημερίς τοῦ Λαϊκοῦ Στρατοῦ κατηγορεῖ τούς ἀντιπάλους. — Η ΑΣΤΥΝΟΜΙΑ τῆς Ρώμης συνέλαβε ὕποπτον. — ΔΕΚΑΤΡΙΑ ΑΤΟΜΑ ἐτραυματίσθησαν εἰς σιδηροδρομικόν δυστύχημα. — ΑΘΛΗΤΙΚΑ: Ὁ ἀγών θά διεξαχθῆ τήν Κυριακήν. — Ο ΠΡΟΕΔΡΟΣ τοῦ Μεξικοῦ ἐπισκέπτεται τάς Ἡνωμένας Πολιτείας.
